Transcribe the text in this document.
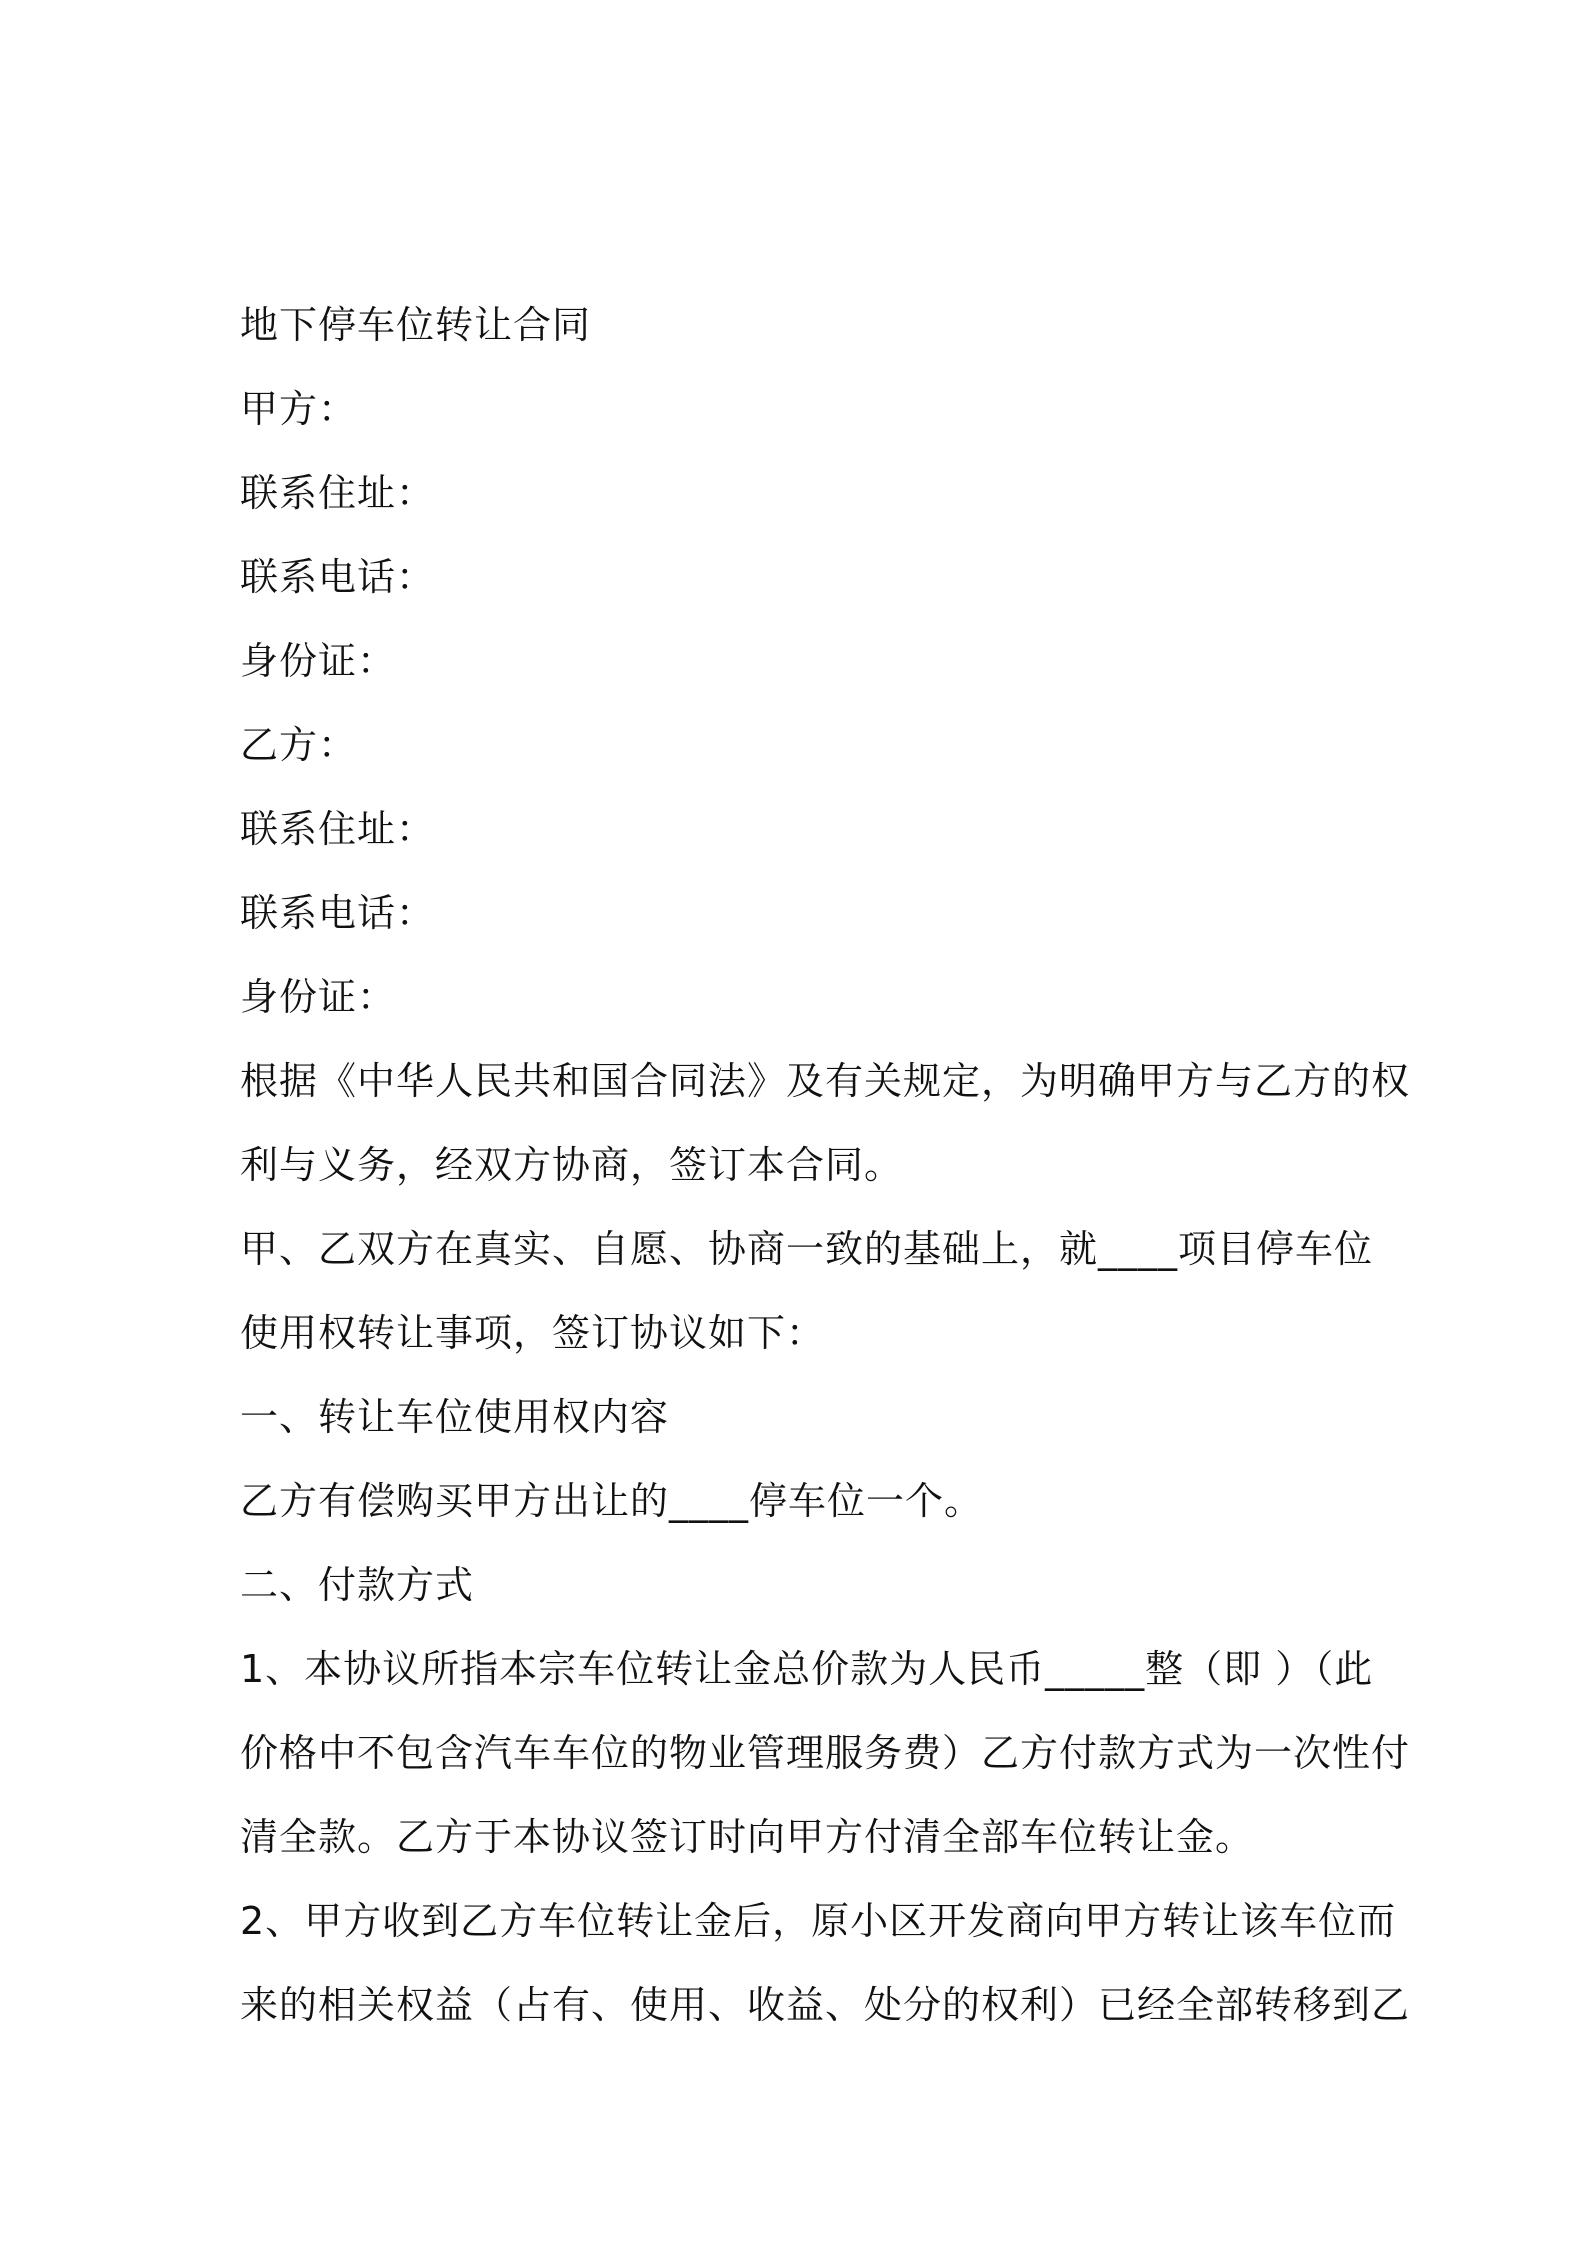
地下停车位转让合同
甲方：
联系住址：
联系电话：
身份证：
乙方：
联系住址：
联系电话：
身份证：
根据《中华人民共和国合同法》及有关规定，为明确甲方与乙方的权
利与义务，经双方协商，签订本合同。
甲、乙双方在真实、自愿、协商一致的基础上，就____项目停车位
使用权转让事项，签订协议如下：
一、转让车位使用权内容
乙方有偿购买甲方出让的____停车位一个。
二、付款方式
1、本协议所指本宗车位转让金总价款为人民币_____整（即 ）（此
价格中不包含汽车车位的物业管理服务费）乙方付款方式为一次性付
清全款。乙方于本协议签订时向甲方付清全部车位转让金。
2、甲方收到乙方车位转让金后，原小区开发商向甲方转让该车位而
来的相关权益（占有、使用、收益、处分的权利）已经全部转移到乙
